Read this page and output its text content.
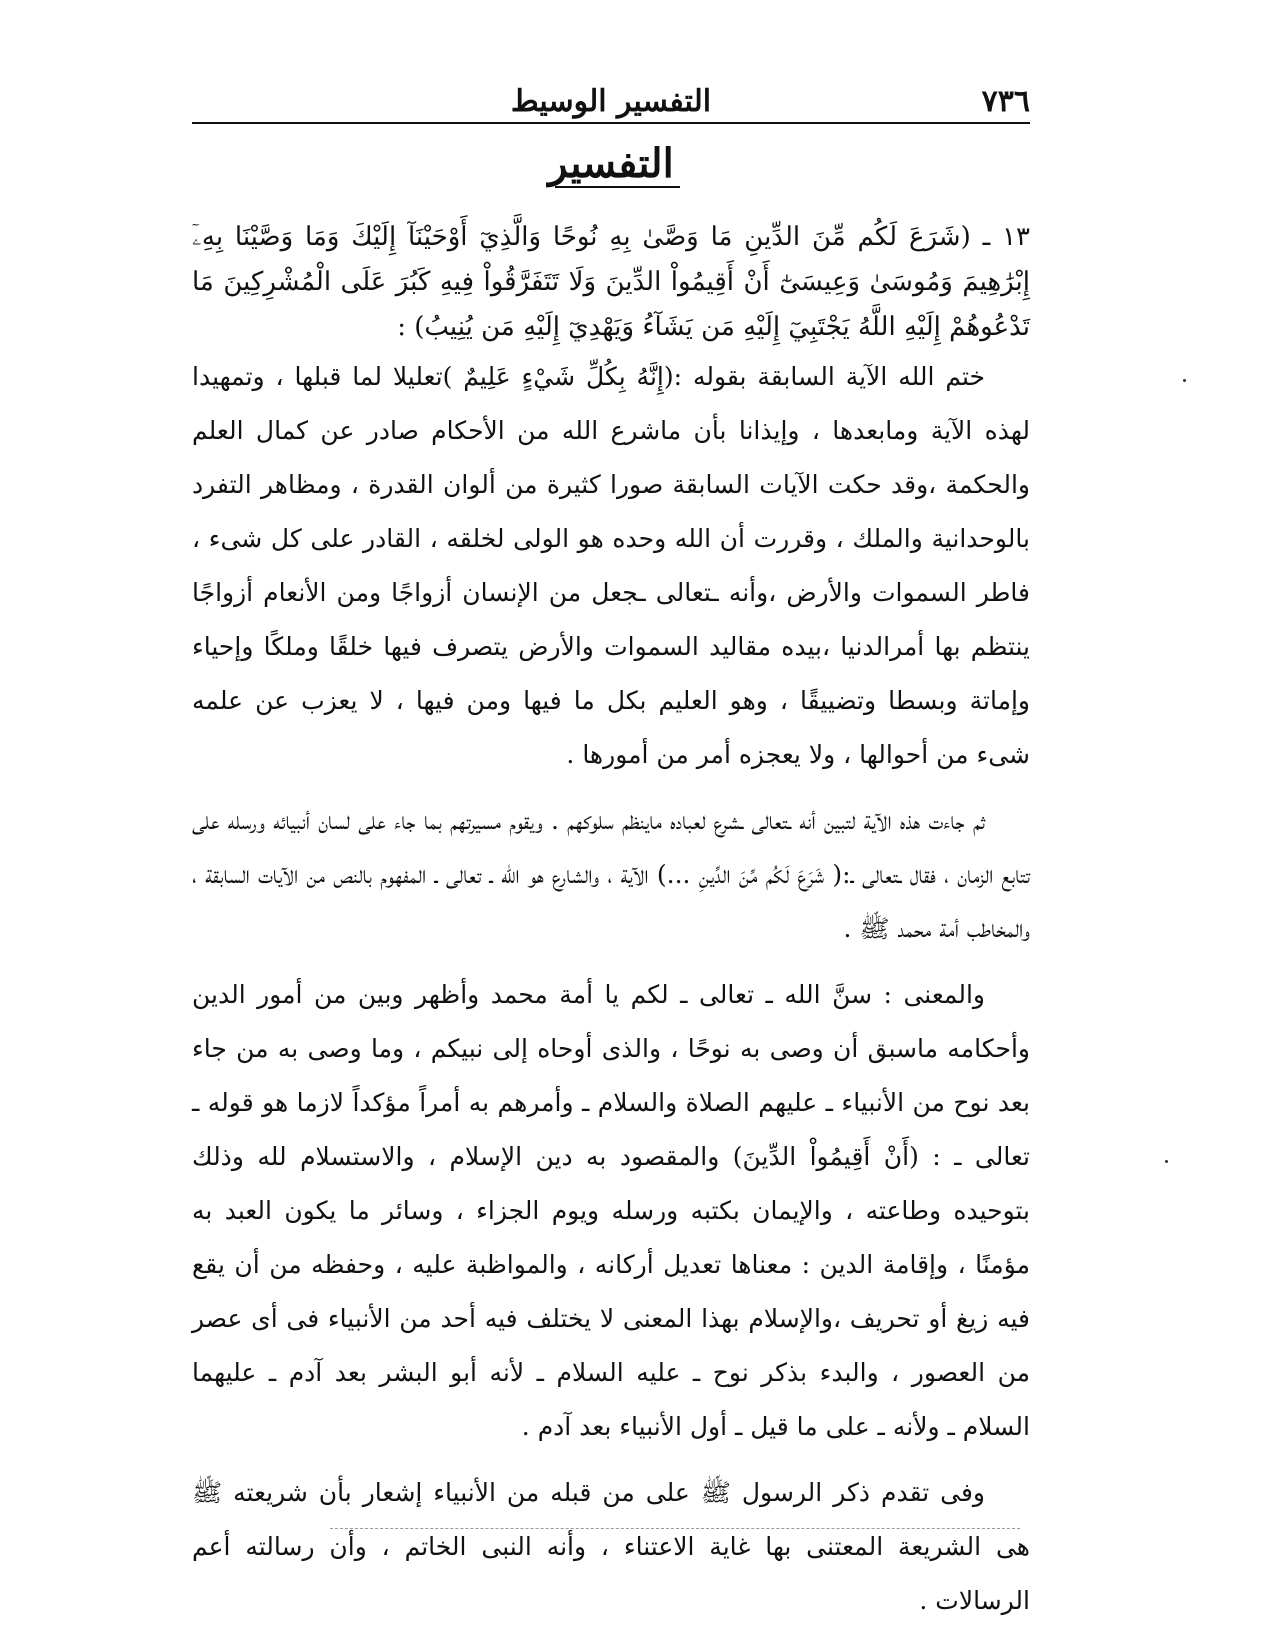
٧٣٦
التفسير الوسيط
التفسير
١٣ ـ (شَرَعَ لَكُم مِّنَ الدِّينِ مَا وَصَّىٰ بِهِ نُوحًا وَالَّذِيٓ أَوْحَيْنَآ إِلَيْكَ وَمَا وَصَّيْنَا بِهِۦٓ إِبْرَٰهِيمَ وَمُوسَىٰ وَعِيسَىٰٓ أَنْ أَقِيمُواْ الدِّينَ وَلَا تَتَفَرَّقُواْ فِيهِ كَبُرَ عَلَى الْمُشْرِكِينَ مَا تَدْعُوهُمْ إِلَيْهِ اللَّهُ يَجْتَبِيٓ إِلَيْهِ مَن يَشَآءُ وَيَهْدِيٓ إِلَيْهِ مَن يُنِيبُ) :

ختم الله الآية السابقة بقوله :(إِنَّهُ بِكُلِّ شَيْءٍ عَلِيمٌ )تعليلا لما قبلها ، وتمهيدا لهذه الآية ومابعدها ، وإيذانا بأن ماشرع الله من الأحكام صادر عن كمال العلم والحكمة ،وقد حكت الآيات السابقة صورا كثيرة من ألوان القدرة ، ومظاهر التفرد بالوحدانية والملك ، وقررت أن الله وحده هو الولى لخلقه ، القادر على كل شىء ، فاطر السموات والأرض ،وأنه ـتعالى ـجعل من الإنسان أزواجًا ومن الأنعام أزواجًا ينتظم بها أمرالدنيا ،بيده مقاليد السموات والأرض يتصرف فيها خلقًا وملكًا وإحياء وإماتة وبسطا وتضييقًا ، وهو العليم بكل ما فيها ومن فيها ، لا يعزب عن علمه شىء من أحوالها ، ولا يعجزه أمر من أمورها .

ثم جاءت هذه الآية لتبين أنه ـتعالى ـشرع لعباده ماينظم سلوكهم . ويقوم مسيرتهم بما جاء على لسان أنبيائه ورسله على تتابع الزمان ، فقال ـتعالى ـ:( شَرَعَ لَكُم مِّنَ الدِّينِ ...) الآية ، والشارع هو الله ـ تعالى ـ المفهوم بالنص من الآيات السابقة ، والمخاطب أمة محمد ﷺ .

والمعنى : سنَّ الله ـ تعالى ـ لكم يا أمة محمد وأظهر وبين من أمور الدين وأحكامه ماسبق أن وصى به نوحًا ، والذى أوحاه إلى نبيكم ، وما وصى به من جاء بعد نوح من الأنبياء ـ عليهم الصلاة والسلام ـ وأمرهم به أمراً مؤكداً لازما هو قوله ـ تعالى ـ : (أَنْ أَقِيمُواْ الدِّينَ) والمقصود به دين الإسلام ، والاستسلام لله وذلك بتوحيده وطاعته ، والإيمان بكتبه ورسله ويوم الجزاء ، وسائر ما يكون العبد به مؤمنًا ، وإقامة الدين : معناها تعديل أركانه ، والمواظبة عليه ، وحفظه من أن يقع فيه زيغ أو تحريف ،والإسلام بهذا المعنى لا يختلف فيه أحد من الأنبياء فى أى عصر من العصور ، والبدء بذكر نوح ـ عليه السلام ـ لأنه أبو البشر بعد آدم ـ عليهما السلام ـ ولأنه ـ على ما قيل ـ أول الأنبياء بعد آدم .

وفى تقدم ذكر الرسول ﷺ على من قبله من الأنبياء إشعار بأن شريعته ﷺ هى الشريعة المعتنى بها غاية الاعتناء ، وأنه النبى الخاتم ، وأن رسالته أعم الرسالات .
